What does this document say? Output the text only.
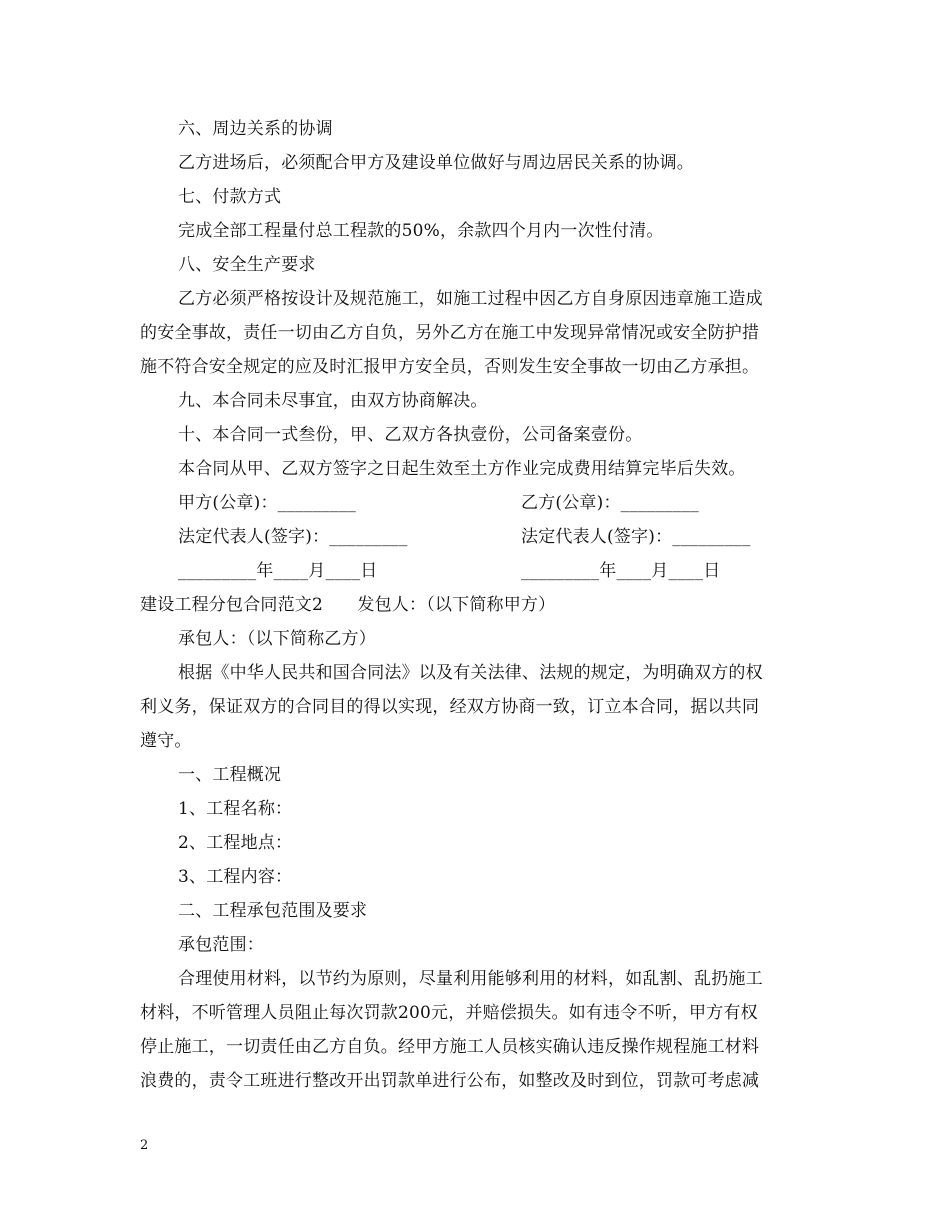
六、周边关系的协调
乙方进场后，必须配合甲方及建设单位做好与周边居民关系的协调。
七、付款方式
完成全部工程量付总工程款的50%，余款四个月内一次性付清。
八、安全生产要求
乙方必须严格按设计及规范施工，如施工过程中因乙方自身原因违章施工造成
的安全事故，责任一切由乙方自负，另外乙方在施工中发现异常情况或安全防护措
施不符合安全规定的应及时汇报甲方安全员，否则发生安全事故一切由乙方承担。
九、本合同未尽事宜，由双方协商解决。
十、本合同一式叁份，甲、乙双方各执壹份，公司备案壹份。
本合同从甲、乙双方签字之日起生效至土方作业完成费用结算完毕后失效。
甲方(公章)：_________	乙方(公章)：_________
法定代表人(签字)：_________	法定代表人(签字)：_________
_________年____月____日	_________年____月____日
建设工程分包合同范文2　　发包人：（以下简称甲方）
承包人：（以下简称乙方）
根据《中华人民共和国合同法》以及有关法律、法规的规定，为明确双方的权
利义务，保证双方的合同目的得以实现，经双方协商一致，订立本合同，据以共同
遵守。
一、工程概况
1、工程名称：
2、工程地点：
3、工程内容：
二、工程承包范围及要求
承包范围：
合理使用材料，以节约为原则，尽量利用能够利用的材料，如乱割、乱扔施工
材料，不听管理人员阻止每次罚款200元，并赔偿损失。如有违令不听，甲方有权
停止施工，一切责任由乙方自负。经甲方施工人员核实确认违反操作规程施工材料
浪费的，责令工班进行整改开出罚款单进行公布，如整改及时到位，罚款可考虑减
2
